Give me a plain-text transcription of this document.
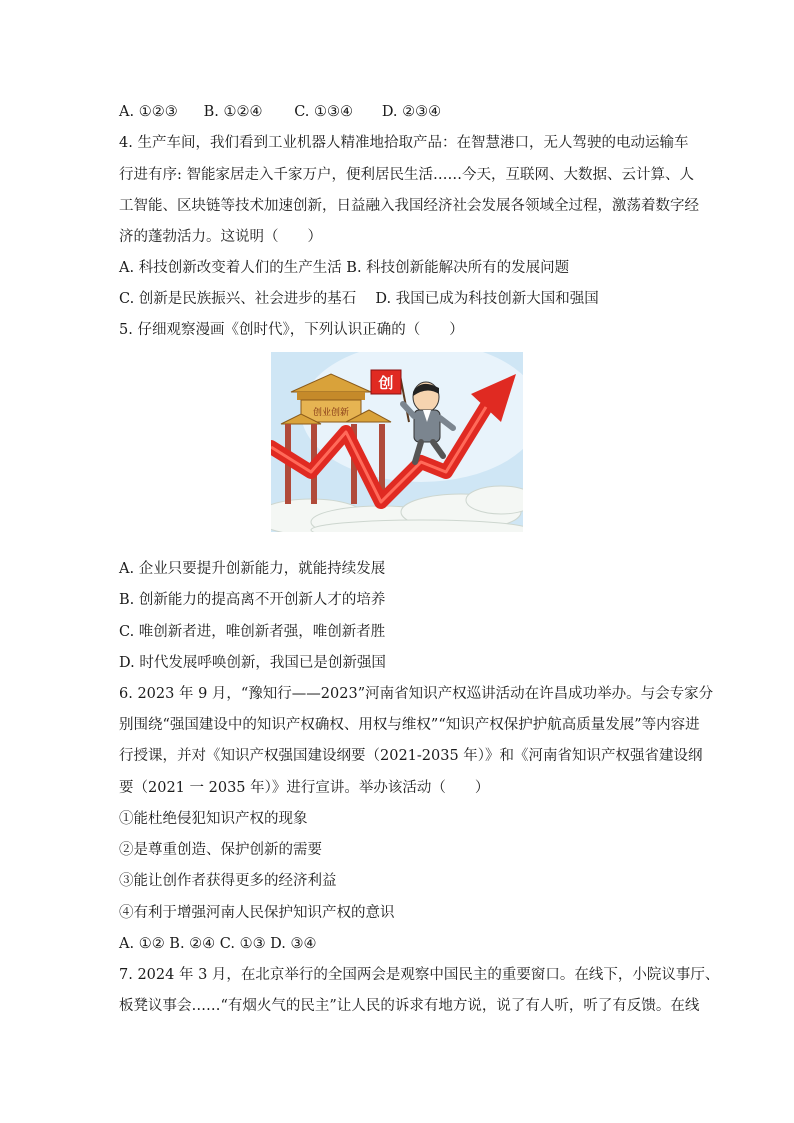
A. ①②③ B. ①②④ C. ①③④ D. ②③④
4. 生产车间，我们看到工业机器人精准地拾取产品：在智慧港口，无人驾驶的电动运输车
行进有序: 智能家居走入千家万户，便利居民生活……今天，互联网、大数据、云计算、人
工智能、区块链等技术加速创新，日益融入我国经济社会发展各领域全过程，激荡着数字经
济的蓬勃活力。这说明（　　）
A. 科技创新改变着人们的生产生活 B. 科技创新能解决所有的发展问题
C. 创新是民族振兴、社会进步的基石　 D. 我国已成为科技创新大国和强国
5. 仔细观察漫画《创时代》，下列认识正确的（　　）
创业创新
创
A. 企业只要提升创新能力，就能持续发展
B. 创新能力的提高离不开创新人才的培养
C. 唯创新者进，唯创新者强，唯创新者胜
D. 时代发展呼唤创新，我国已是创新强国
6. 2023 年 9 月，“豫知行——2023”河南省知识产权巡讲活动在许昌成功举办。与会专家分
别围绕“强国建设中的知识产权确权、用权与维权”“知识产权保护护航高质量发展”等内容进
行授课，并对《知识产权强国建设纲要（2021-2035 年）》和《河南省知识产权强省建设纲
要（2021 一 2035 年）》进行宣讲。举办该活动（　　）
①能杜绝侵犯知识产权的现象
②是尊重创造、保护创新的需要
③能让创作者获得更多的经济利益
④有利于增强河南人民保护知识产权的意识
A. ①② B. ②④ C. ①③ D. ③④
7. 2024 年 3 月，在北京举行的全国两会是观察中国民主的重要窗口。在线下，小院议事厅、
板凳议事会……“有烟火气的民主”让人民的诉求有地方说，说了有人听，听了有反馈。在线
